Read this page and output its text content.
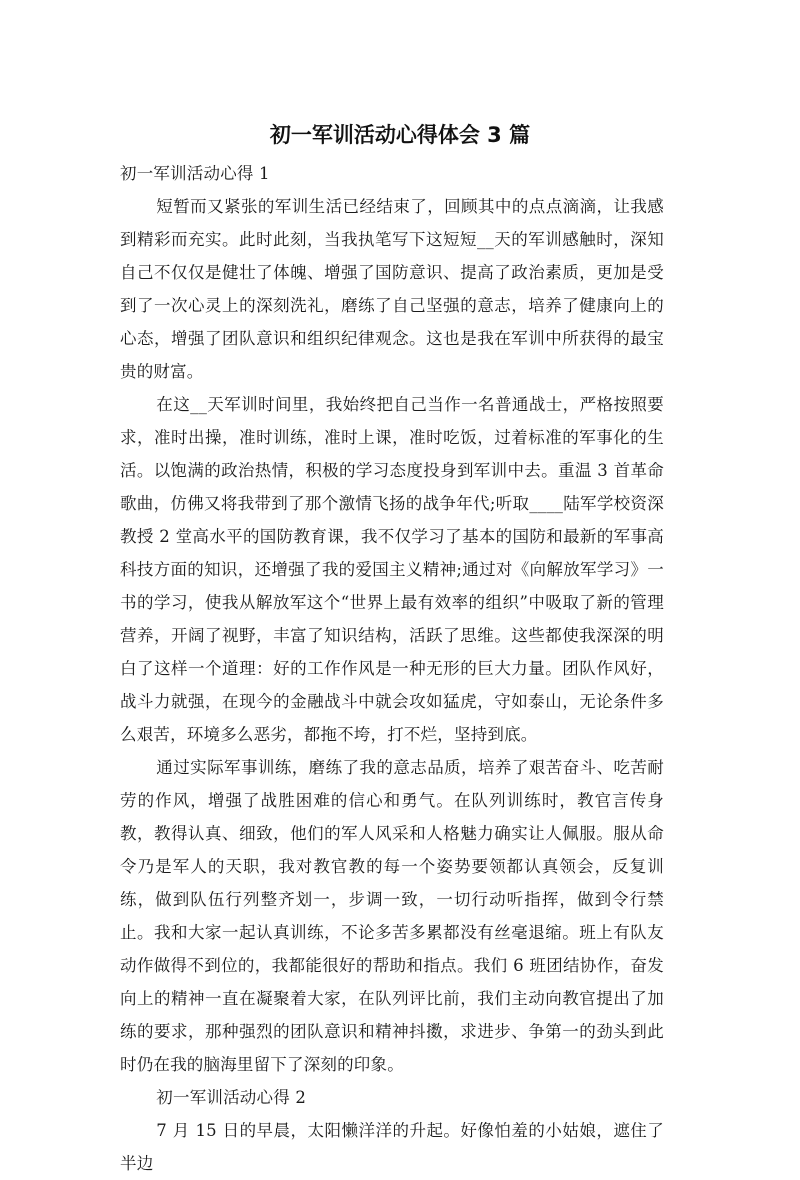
初一军训活动心得体会 3 篇

初一军训活动心得 1

短暂而又紧张的军训生活已经结束了，回顾其中的点点滴滴，让我感到精彩而充实。此时此刻，当我执笔写下这短短__天的军训感触时，深知自己不仅仅是健壮了体魄、增强了国防意识、提高了政治素质，更加是受到了一次心灵上的深刻洗礼，磨练了自己坚强的意志，培养了健康向上的心态，增强了团队意识和组织纪律观念。这也是我在军训中所获得的最宝贵的财富。

在这__天军训时间里，我始终把自己当作一名普通战士，严格按照要求，准时出操，准时训练，准时上课，准时吃饭，过着标准的军事化的生活。以饱满的政治热情，积极的学习态度投身到军训中去。重温 3 首革命歌曲，仿佛又将我带到了那个激情飞扬的战争年代;听取____陆军学校资深教授 2 堂高水平的国防教育课，我不仅学习了基本的国防和最新的军事高科技方面的知识，还增强了我的爱国主义精神;通过对《向解放军学习》一书的学习，使我从解放军这个“世界上最有效率的组织”中吸取了新的管理营养，开阔了视野，丰富了知识结构，活跃了思维。这些都使我深深的明白了这样一个道理：好的工作作风是一种无形的巨大力量。团队作风好，战斗力就强，在现今的金融战斗中就会攻如猛虎，守如泰山，无论条件多么艰苦，环境多么恶劣，都拖不垮，打不烂，坚持到底。

通过实际军事训练，磨练了我的意志品质，培养了艰苦奋斗、吃苦耐劳的作风，增强了战胜困难的信心和勇气。在队列训练时，教官言传身教，教得认真、细致，他们的军人风采和人格魅力确实让人佩服。服从命令乃是军人的天职，我对教官教的每一个姿势要领都认真领会，反复训练，做到队伍行列整齐划一，步调一致，一切行动听指挥，做到令行禁止。我和大家一起认真训练，不论多苦多累都没有丝毫退缩。班上有队友动作做得不到位的，我都能很好的帮助和指点。我们 6 班团结协作，奋发向上的精神一直在凝聚着大家，在队列评比前，我们主动向教官提出了加练的要求，那种强烈的团队意识和精神抖擞，求进步、争第一的劲头到此时仍在我的脑海里留下了深刻的印象。

初一军训活动心得 2

7 月 15 日的早晨，太阳懒洋洋的升起。好像怕羞的小姑娘，遮住了半边
